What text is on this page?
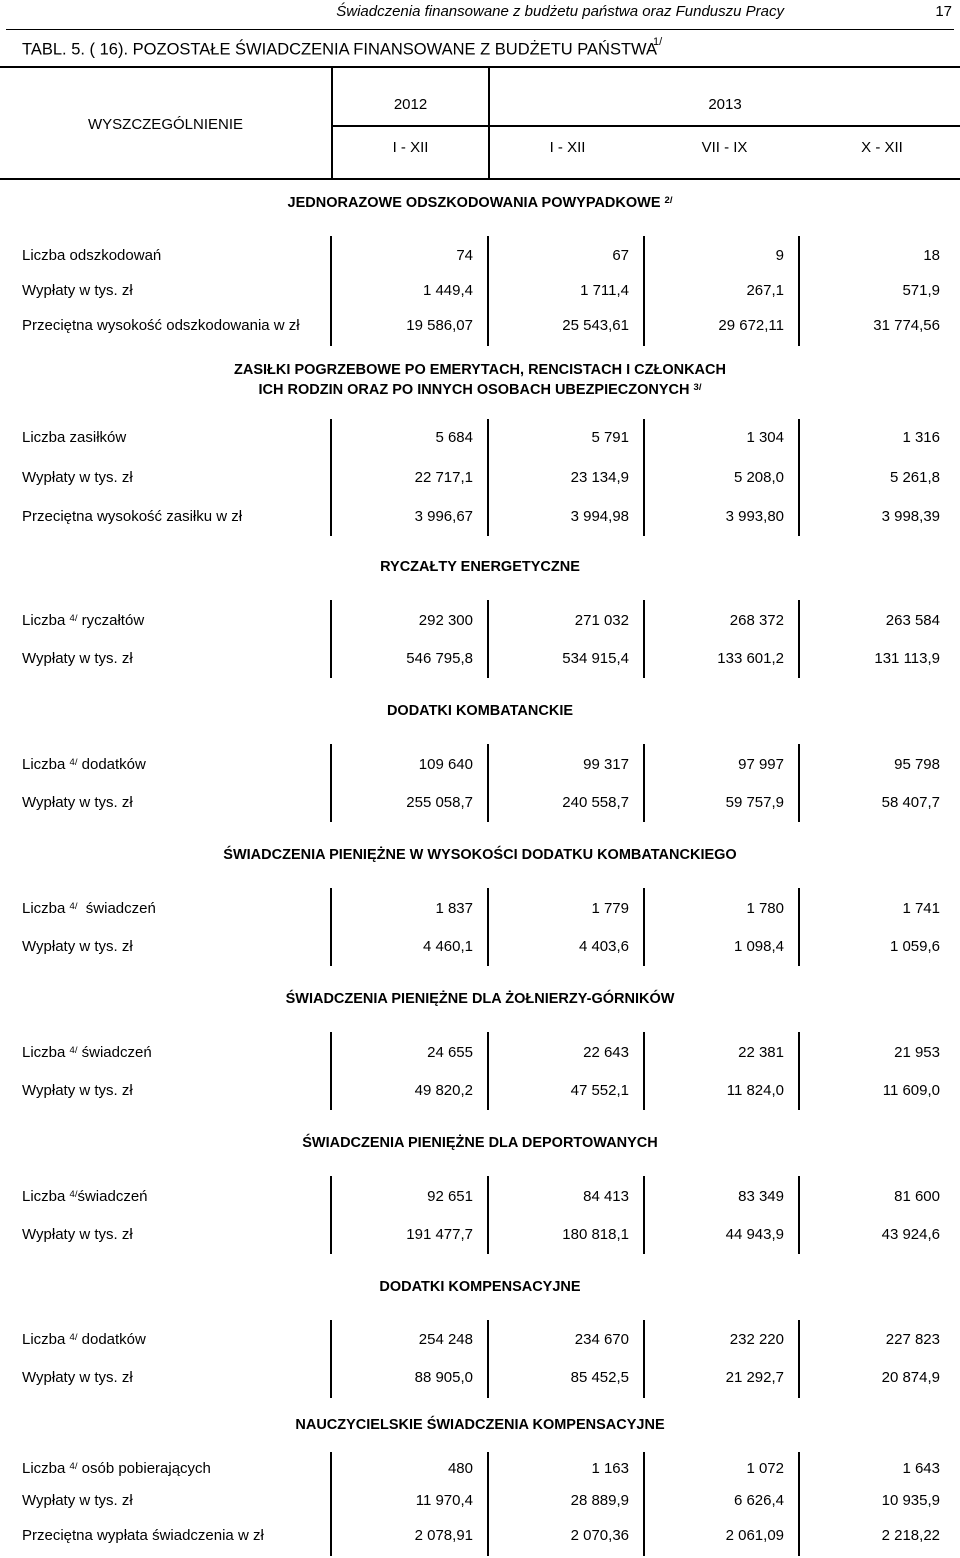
Świadczenia finansowane z budżetu państwa oraz Funduszu Pracy	17
TABL. 5. ( 16). POZOSTAŁE ŚWIADCZENIA FINANSOWANE Z BUDŻETU $PAŃSTWA^{1/}$
WYSZCZEGÓLNIENIE
2012	2013
I - XII	I - XII	VII - IX	X - XII
JEDNORAZOWE ODSZKODOWANIA POWYPADKOWE $^{2/}$
Liczba odszkodowań	74	67	9	18
Wypłaty w tys. zł	1 449,4	1 711,4	267,1	571,9
Przeciętna wysokość odszkodowania w zł	19 586,07	25 543,61	29 672,11	31 774,56
ZASIŁKI POGRZEBOWE PO EMERYTACH, RENCISTACH I CZŁONKACH
ICH RODZIN ORAZ PO INNYCH OSOBACH UBEZPIECZONYCH $^{3/}$
Liczba zasiłków	5 684	5 791	1 304	1 316
Wypłaty w tys. zł	22 717,1	23 134,9	5 208,0	5 261,8
Przeciętna wysokość zasiłku w zł	3 996,67	3 994,98	3 993,80	3 998,39
RYCZAŁTY ENERGETYCZNE
Liczba $^{4/}$ ryczałtów	292 300	271 032	268 372	263 584
Wypłaty w tys. zł	546 795,8	534 915,4	133 601,2	131 113,9
DODATKI KOMBATANCKIE
Liczba $^{4/}$ dodatków	109 640	99 317	97 997	95 798
Wypłaty w tys. zł	255 058,7	240 558,7	59 757,9	58 407,7
ŚWIADCZENIA PIENIĘŻNE W WYSOKOŚCI DODATKU KOMBATANCKIEGO
Liczba $^{4/}$  świadczeń	1 837	1 779	1 780	1 741
Wypłaty w tys. zł	4 460,1	4 403,6	1 098,4	1 059,6
ŚWIADCZENIA PIENIĘŻNE DLA ŻOŁNIERZY-GÓRNIKÓW
Liczba $^{4/}$ świadczeń	24 655	22 643	22 381	21 953
Wypłaty w tys. zł	49 820,2	47 552,1	11 824,0	11 609,0
ŚWIADCZENIA PIENIĘŻNE DLA DEPORTOWANYCH
Liczba $^{4/}$świadczeń	92 651	84 413	83 349	81 600
Wypłaty w tys. zł	191 477,7	180 818,1	44 943,9	43 924,6
DODATKI KOMPENSACYJNE
Liczba $^{4/}$ dodatków	254 248	234 670	232 220	227 823
Wypłaty w tys. zł	88 905,0	85 452,5	21 292,7	20 874,9
NAUCZYCIELSKIE ŚWIADCZENIA KOMPENSACYJNE
Liczba $^{4/}$ osób pobierających	480	1 163	1 072	1 643
Wypłaty w tys. zł	11 970,4	28 889,9	6 626,4	10 935,9
Przeciętna wypłata świadczenia w zł	2 078,91	2 070,36	2 061,09	2 218,22
